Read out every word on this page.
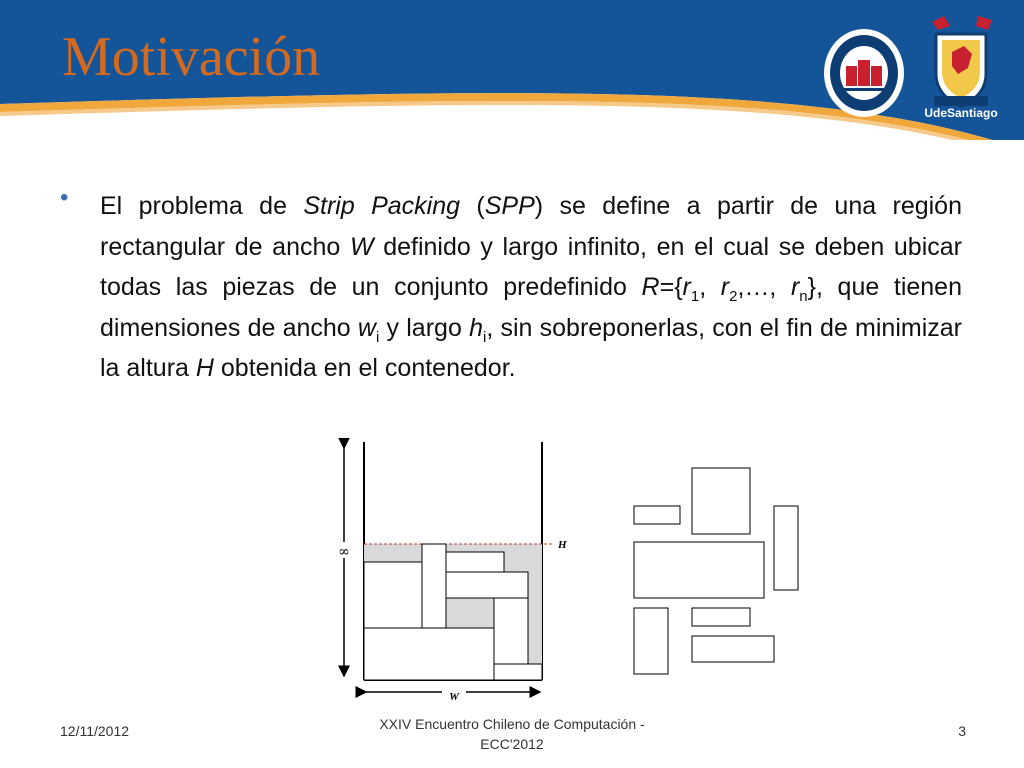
Motivación
UdeSantiago
• El problema de Strip Packing (SPP) se define a partir de una región rectangular de ancho W definido y largo infinito, en el cual se deben ubicar todas las piezas de un conjunto predefinido $R=\{r_1$, $r_2,\dots$, $r_n$}, que tienen dimensiones de ancho $w_i$ y largo $h_i$, sin sobreponerlas, con el fin de minimizar la altura H obtenida en el contenedor.

∞	H
W
12/11/2012	XXIV Encuentro Chileno de Computación - ECC'2012
3
